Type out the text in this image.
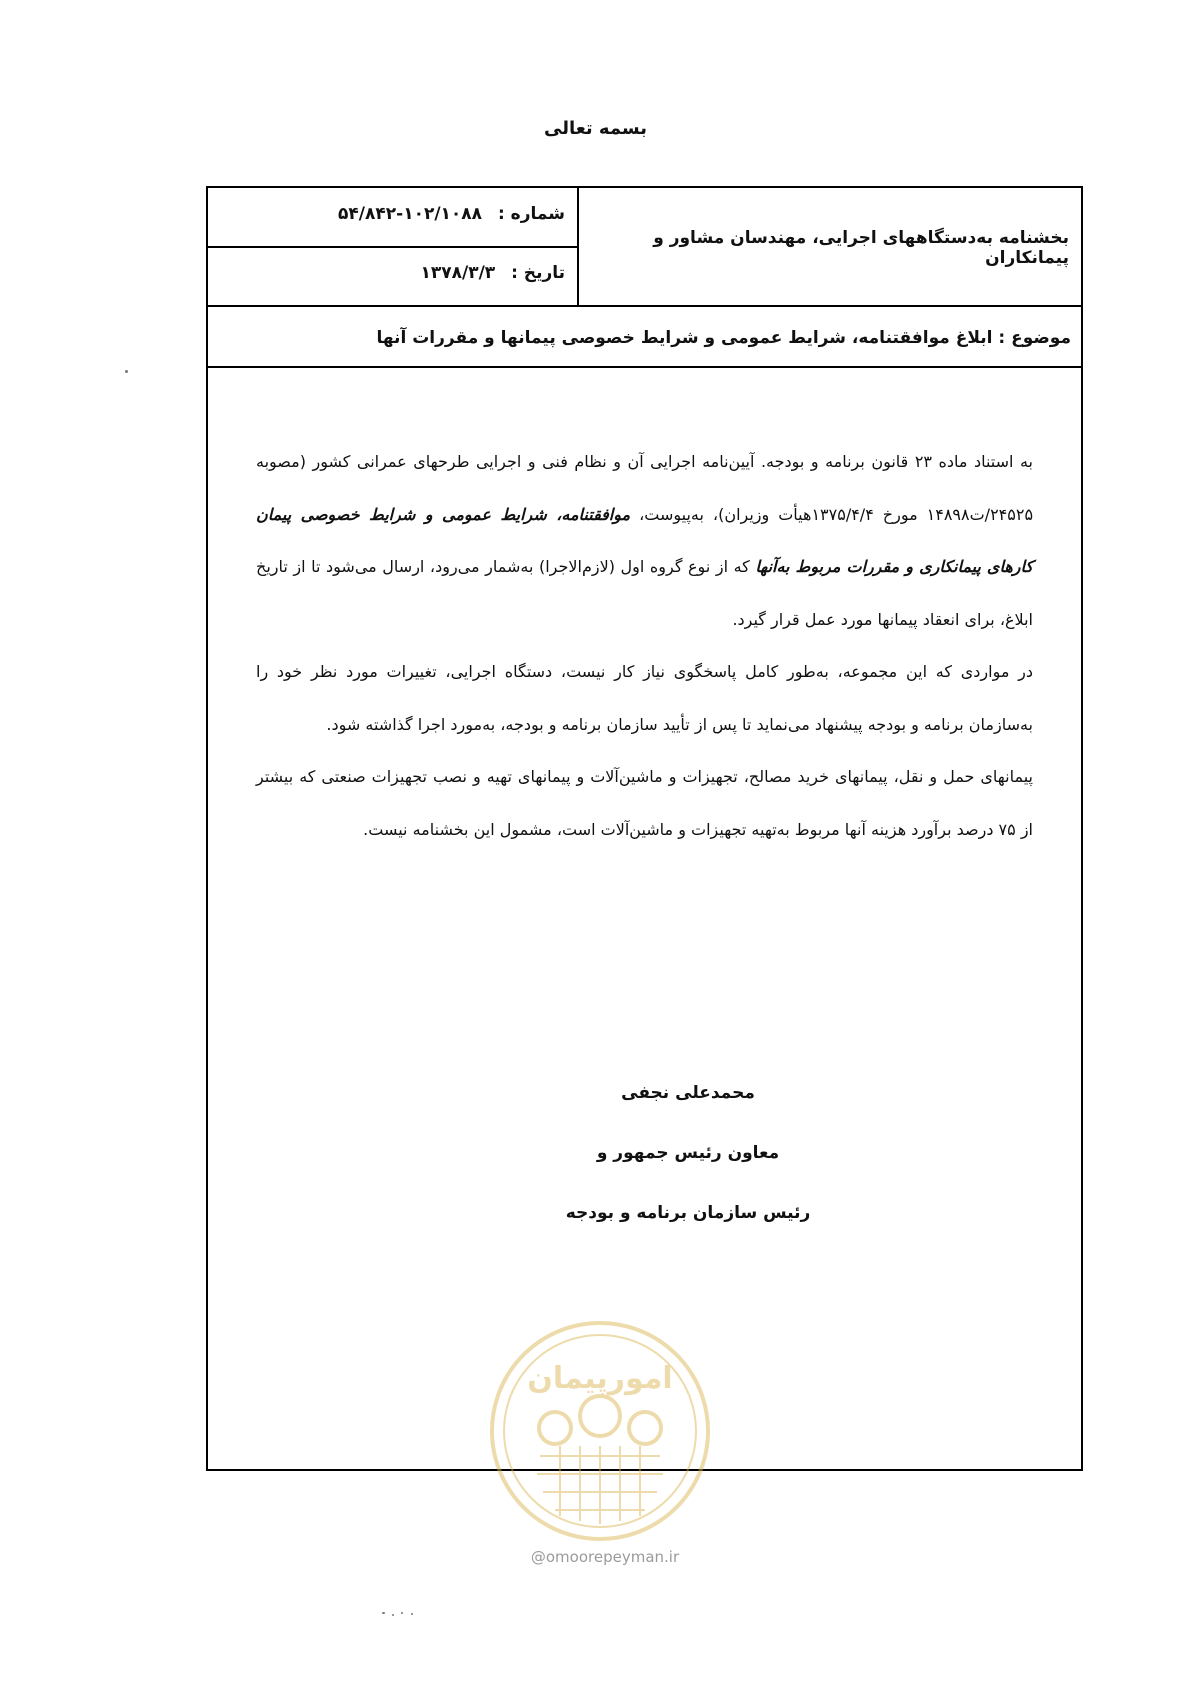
بسمه تعالی
بخشنامه به‌دستگاههای اجرایی، مهندسان مشاور و پیمانکاران
شماره : ۱۰۲/۱۰۸۸-۵۴/۸۴۲
تاریخ : ۱۳۷۸/۳/۳
موضوع : ابلاغ موافقتنامه، شرایط عمومی و شرایط خصوصی پیمانها و مقررات آنها

به استناد ماده ۲۳ قانون برنامه و بودجه. آیین‌نامه اجرایی آن و نظام فنی و اجرایی طرحهای عمرانی کشور (مصوبه ۲۴۵۲۵/ت۱۴۸۹۸ مورخ ۱۳۷۵/۴/۴هیأت وزیران)، به‌پیوست، موافقتنامه، شرایط عمومی و شرایط خصوصی پیمان کارهای پیمانکاری و مقررات مربوط به‌آنها که از نوع گروه اول (لازم‌الاجرا) به‌شمار می‌رود، ارسال می‌شود تا از تاریخ ابلاغ، برای انعقاد پیمانها مورد عمل قرار گیرد.

در مواردی که این مجموعه، به‌طور کامل پاسخگوی نیاز کار نیست، دستگاه اجرایی، تغییرات مورد نظر خود را به‌سازمان برنامه و بودجه پیشنهاد می‌نماید تا پس از تأیید سازمان برنامه و بودجه، به‌مورد اجرا گذاشته شود.

پیمانهای حمل و نقل، پیمانهای خرید مصالح، تجهیزات و ماشین‌آلات و پیمانهای تهیه و نصب تجهیزات صنعتی که بیشتر از ۷۵ درصد برآورد هزینه آنها مربوط به‌تهیه تجهیزات و ماشین‌آلات است، مشمول این بخشنامه نیست.

محمدعلی نجفی
معاون رئیس جمهور و
رئیس سازمان برنامه و بودجه
امورپیمان
@omoorepeyman.ir
